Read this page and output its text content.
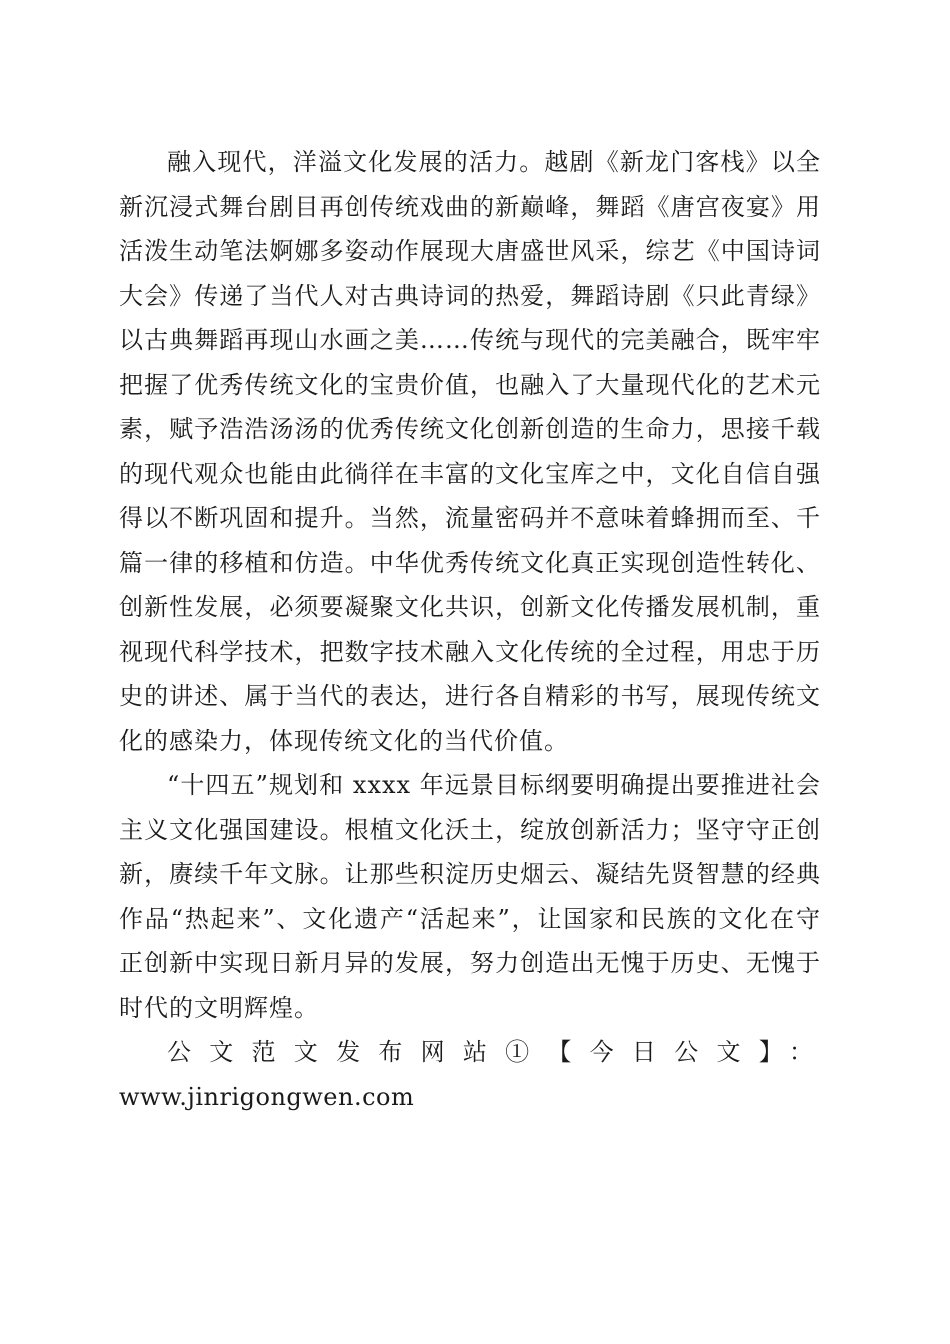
融入现代，洋溢文化发展的活力。越剧《新龙门客栈》以全新沉浸式舞台剧目再创传统戏曲的新巅峰，舞蹈《唐宫夜宴》用活泼生动笔法婀娜多姿动作展现大唐盛世风采，综艺《中国诗词大会》传递了当代人对古典诗词的热爱，舞蹈诗剧《只此青绿》以古典舞蹈再现山水画之美……传统与现代的完美融合，既牢牢把握了优秀传统文化的宝贵价值，也融入了大量现代化的艺术元素，赋予浩浩汤汤的优秀传统文化创新创造的生命力，思接千载的现代观众也能由此徜徉在丰富的文化宝库之中，文化自信自强得以不断巩固和提升。当然，流量密码并不意味着蜂拥而至、千篇一律的移植和仿造。中华优秀传统文化真正实现创造性转化、创新性发展，必须要凝聚文化共识，创新文化传播发展机制，重视现代科学技术，把数字技术融入文化传统的全过程，用忠于历史的讲述、属于当代的表达，进行各自精彩的书写，展现传统文化的感染力，体现传统文化的当代价值。

“十四五”规划和 xxxx 年远景目标纲要明确提出要推进社会主义文化强国建设。根植文化沃土，绽放创新活力；坚守守正创新，赓续千年文脉。让那些积淀历史烟云、凝结先贤智慧的经典作品“热起来”、文化遗产“活起来”，让国家和民族的文化在守正创新中实现日新月异的发展，努力创造出无愧于历史、无愧于时代的文明辉煌。

公文范文发布网站①【今日公文】：

www.jinrigongwen.com
